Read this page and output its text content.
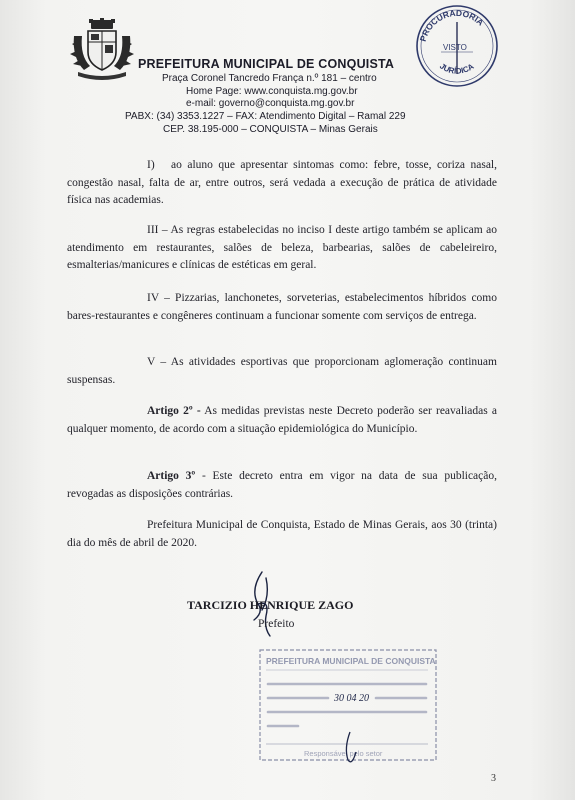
PREFEITURA MUNICIPAL DE CONQUISTA
Praça Coronel Tancredo França n.º 181 – centro
Home Page: www.conquista.mg.gov.br
e-mail: governo@conquista.mg.gov.br
PABX: (34) 3353.1227 – FAX: Atendimento Digital – Ramal 229
CEP. 38.195-000 – CONQUISTA – Minas Gerais
PROCURADORIA
VISTO
JURÍDICA
I) ao aluno que apresentar sintomas como: febre, tosse, coriza nasal, congestão nasal, falta de ar, entre outros, será vedada a execução de prática de atividade física nas academias.
III – As regras estabelecidas no inciso I deste artigo também se aplicam ao atendimento em restaurantes, salões de beleza, barbearias, salões de cabeleireiro, esmalterias/manicures e clínicas de estéticas em geral.
IV – Pizzarias, lanchonetes, sorveterias, estabelecimentos híbridos como bares-restaurantes e congêneres continuam a funcionar somente com serviços de entrega.
V – As atividades esportivas que proporcionam aglomeração continuam suspensas.
Artigo 2º - As medidas previstas neste Decreto poderão ser reavaliadas a qualquer momento, de acordo com a situação epidemiológica do Município.
Artigo 3º - Este decreto entra em vigor na data de sua publicação, revogadas as disposições contrárias.
Prefeitura Municipal de Conquista, Estado de Minas Gerais, aos 30 (trinta) dia do mês de abril de 2020.
TARCIZIO HENRIQUE ZAGO
Prefeito
PREFEITURA MUNICIPAL DE CONQUISTA
30 04 20
Responsável pelo setor
3
